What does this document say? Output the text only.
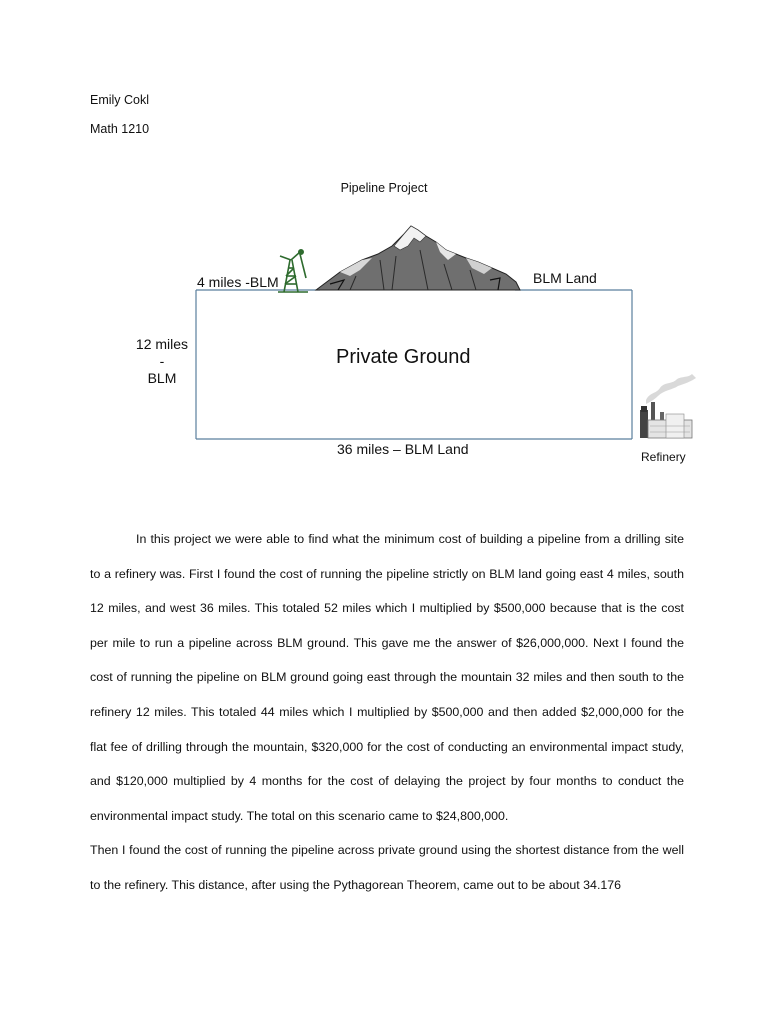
Emily Cokl
Math 1210
Pipeline Project
4 miles -BLM	BLM Land
12 miles
-
BLM
Private Ground
36 miles – BLM Land	Refinery

In this project we were able to find what the minimum cost of building a pipeline from a drilling site to a refinery was. First I found the cost of running the pipeline strictly on BLM land going east 4 miles, south 12 miles, and west 36 miles. This totaled 52 miles which I multiplied by $500,000 because that is the cost per mile to run a pipeline across BLM ground. This gave me the answer of $26,000,000. Next I found the cost of running the pipeline on BLM ground going east through the mountain 32 miles and then south to the refinery 12 miles. This totaled 44 miles which I multiplied by $500,000 and then added $2,000,000 for the flat fee of drilling through the mountain, $320,000 for the cost of conducting an environmental impact study, and $120,000 multiplied by 4 months for the cost of delaying the project by four months to conduct the environmental impact study. The total on this scenario came to $24,800,000.

Then I found the cost of running the pipeline across private ground using the shortest distance from the well to the refinery. This distance, after using the Pythagorean Theorem, came out to be about 34.176
